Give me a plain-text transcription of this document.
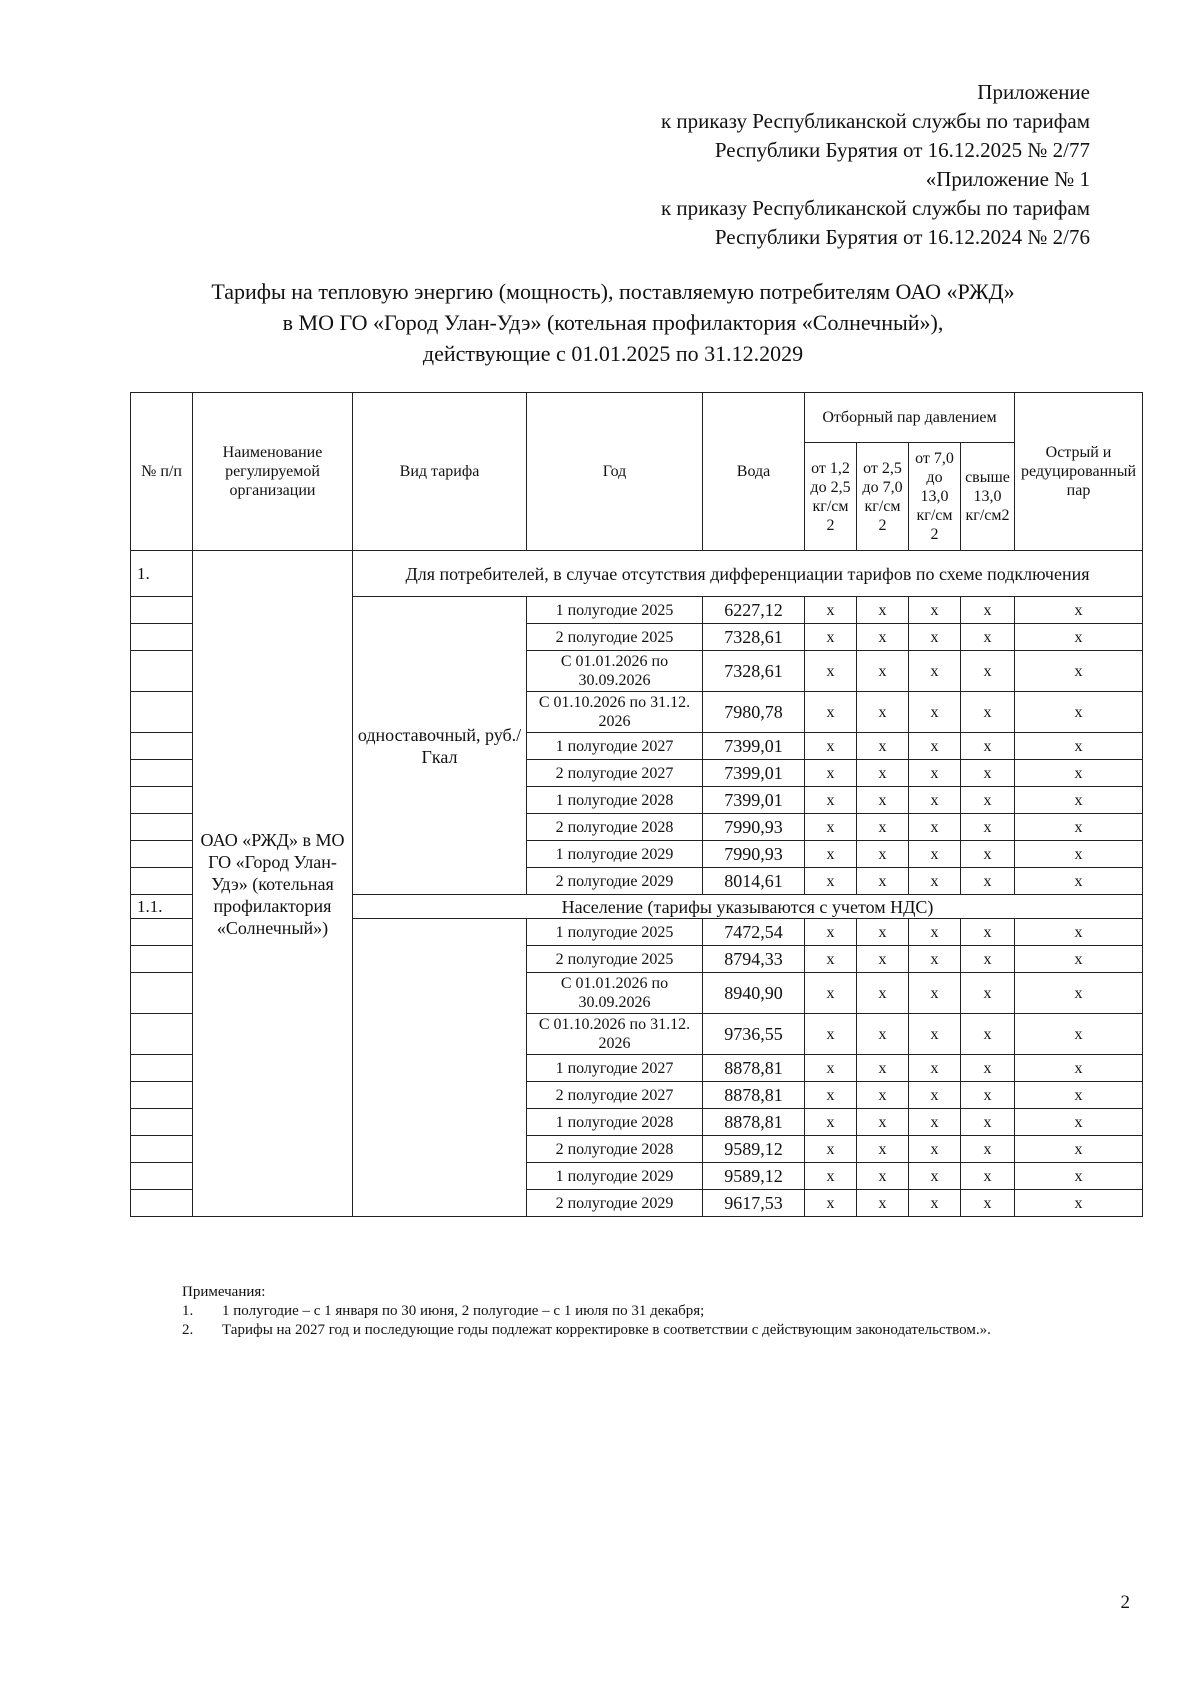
Приложение
к приказу Республиканской службы по тарифам
Республики Бурятия от 16.12.2025 № 2/77
«Приложение № 1
к приказу Республиканской службы по тарифам
Республики Бурятия от 16.12.2024 № 2/76
Тарифы на тепловую энергию (мощность), поставляемую потребителям ОАО «РЖД»
в МО ГО «Город Улан-Удэ» (котельная профилактория «Солнечный»),
действующие с 01.01.2025 по 31.12.2029
№ п/п	Наименование регулируемой организации	Вид тарифа	Год	Вода	Отборный пар давлением				Острый и редуцированный пар
					от 1,2 до 2,5 кг/см 2	от 2,5 до 7,0 кг/см 2	от 7,0 до 13,0 кг/см 2	свыше 13,0 кг/см2	
1.	ОАО «РЖД» в МО ГО «Город Улан-Удэ» (котельная профилактория «Солнечный»)	Для потребителей, в случае отсутствия дифференциации тарифов по схеме подключения							
		одноставочный, руб./Гкал	1 полугодие 2025	6227,12	х	х	х	х	х
			2 полугодие 2025	7328,61	х	х	х	х	х
			С 01.01.2026 по 30.09.2026	7328,61	х	х	х	х	х
			С 01.10.2026 по 31.12. 2026	7980,78	х	х	х	х	х
			1 полугодие 2027	7399,01	х	х	х	х	х
			2 полугодие 2027	7399,01	х	х	х	х	х
			1 полугодие 2028	7399,01	х	х	х	х	х
			2 полугодие 2028	7990,93	х	х	х	х	х
			1 полугодие 2029	7990,93	х	х	х	х	х
			2 полугодие 2029	8014,61	х	х	х	х	х
1.1.		Население (тарифы указываются с учетом НДС)							
			1 полугодие 2025	7472,54	х	х	х	х	х
			2 полугодие 2025	8794,33	х	х	х	х	х
			С 01.01.2026 по 30.09.2026	8940,90	х	х	х	х	х
			С 01.10.2026 по 31.12. 2026	9736,55	х	х	х	х	х
			1 полугодие 2027	8878,81	х	х	х	х	х
			2 полугодие 2027	8878,81	х	х	х	х	х
			1 полугодие 2028	8878,81	х	х	х	х	х
			2 полугодие 2028	9589,12	х	х	х	х	х
			1 полугодие 2029	9589,12	х	х	х	х	х
			2 полугодие 2029	9617,53	х	х	х	х	х
Примечания:
1.	1 полугодие – с 1 января по 30 июня, 2 полугодие – с 1 июля по 31 декабря;
2.	Тарифы на 2027 год и последующие годы подлежат корректировке в соответствии с действующим законодательством.».
2
